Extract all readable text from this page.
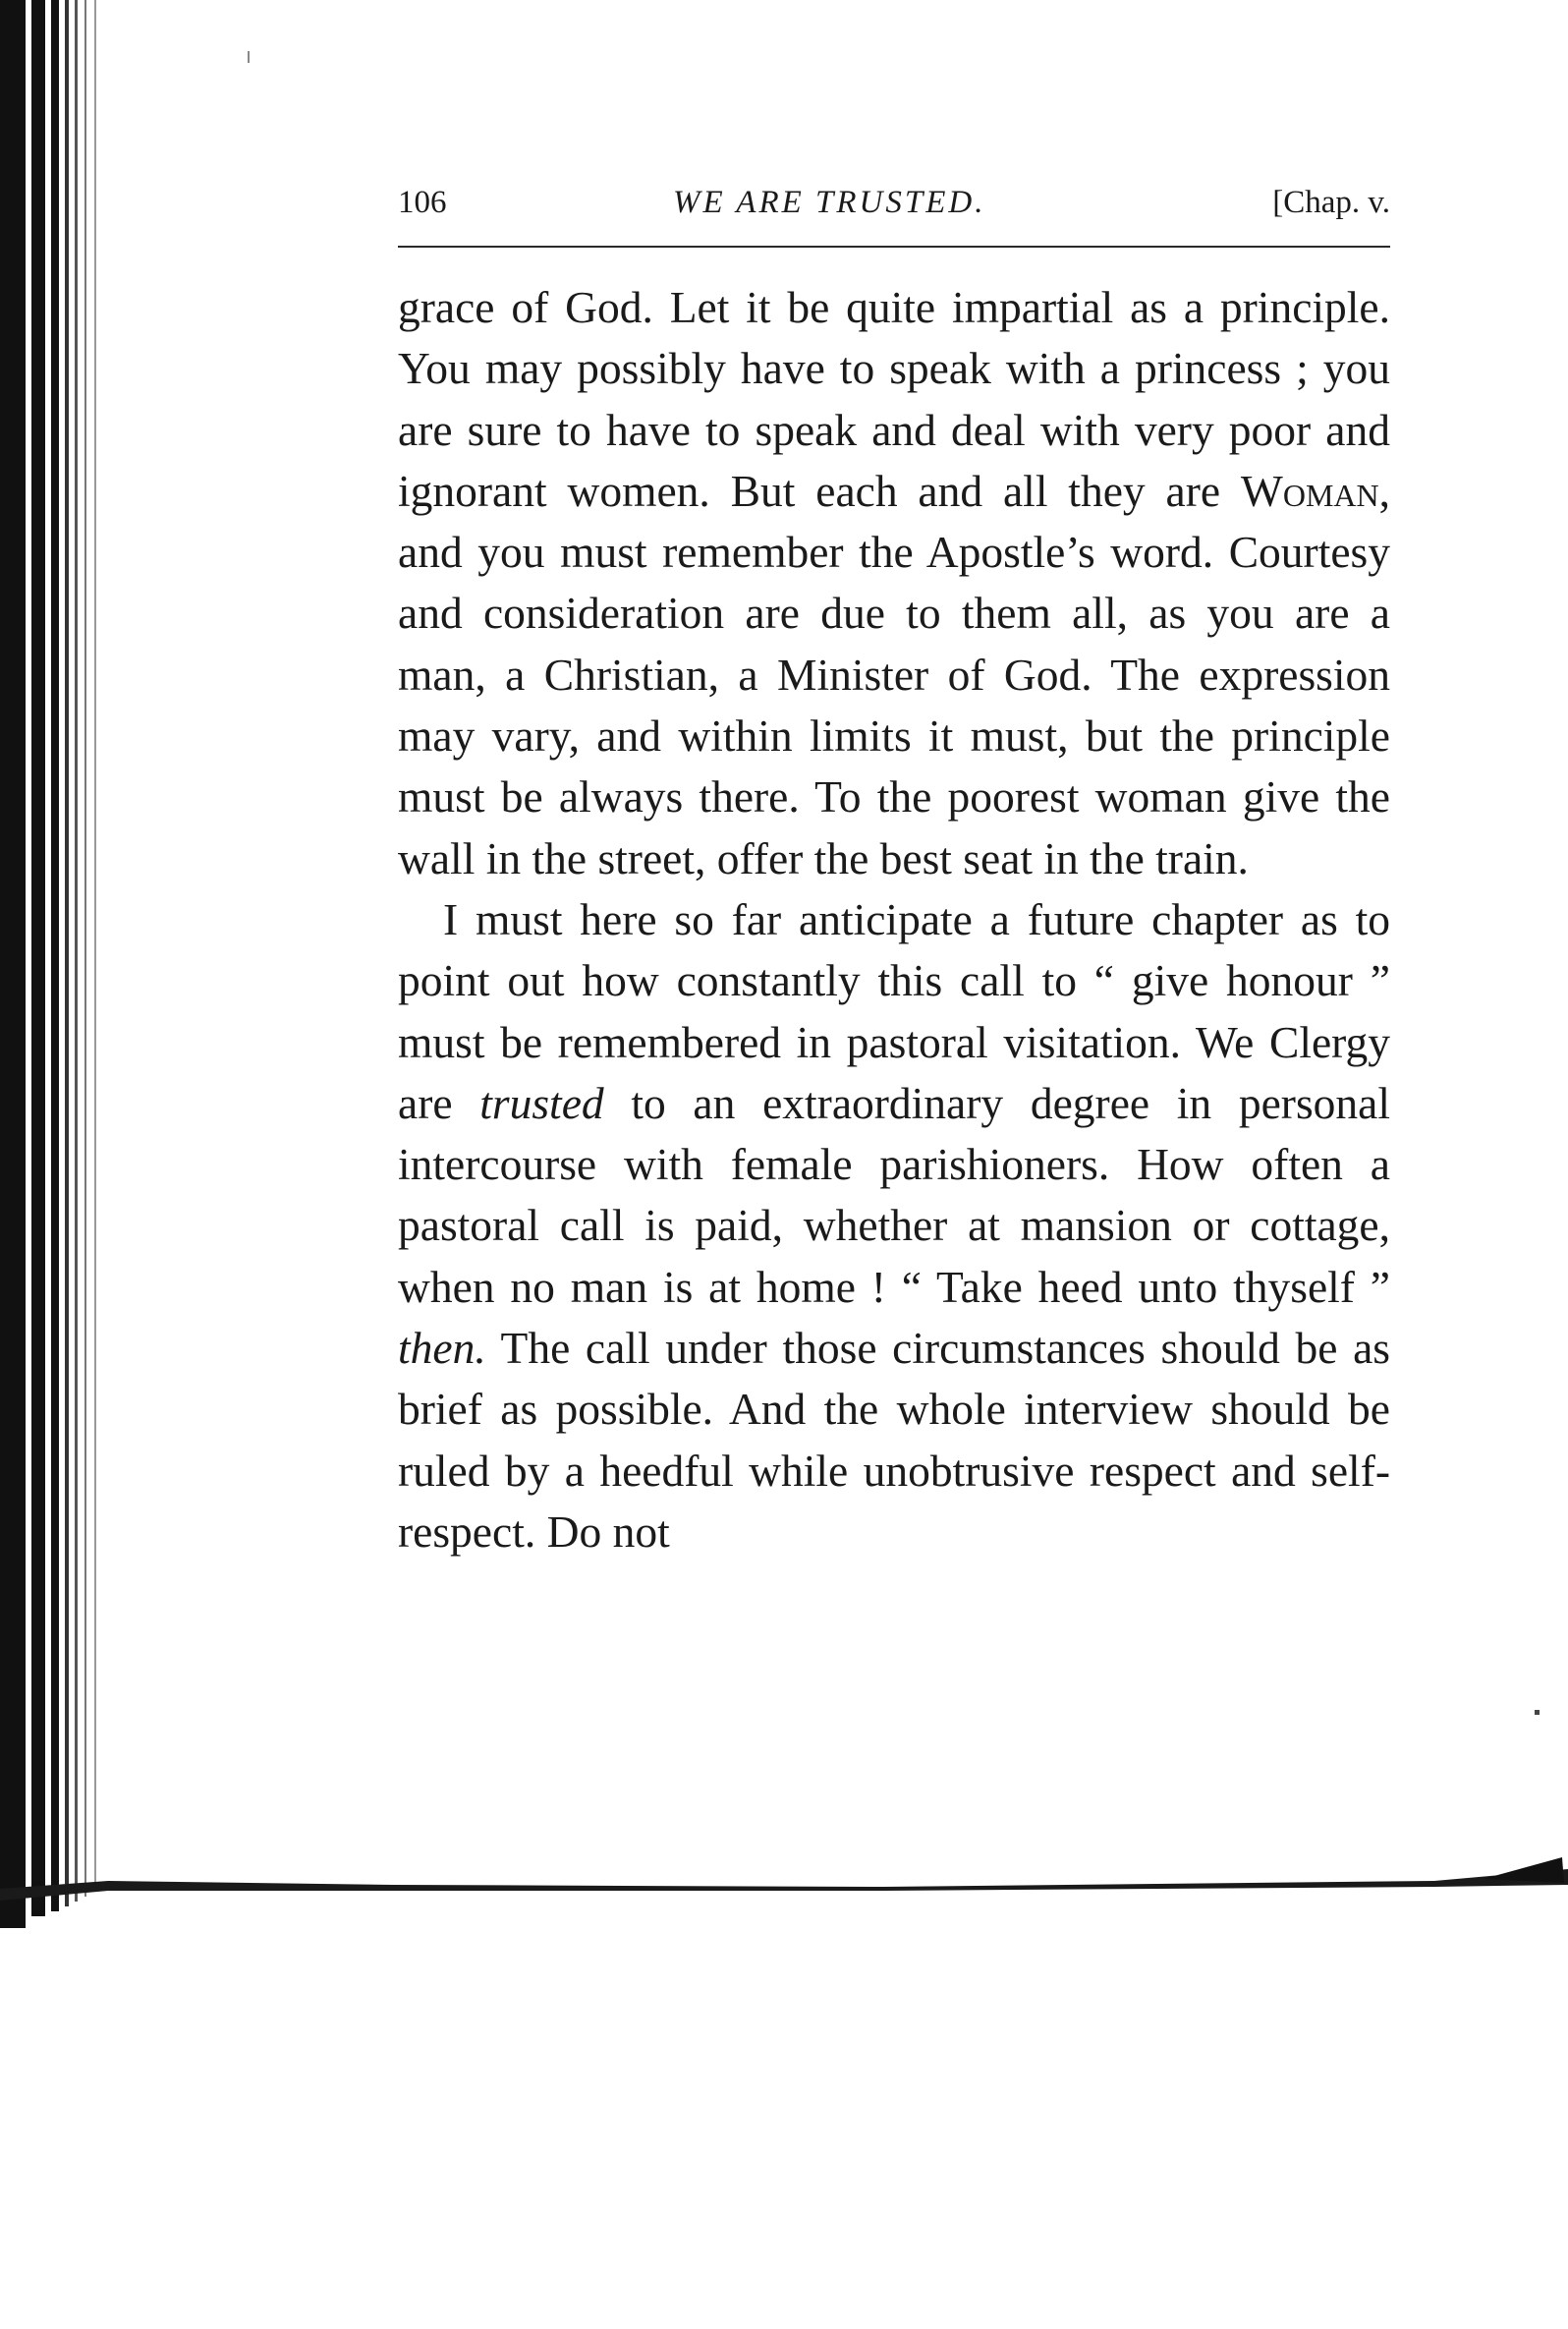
106	WE ARE TRUSTED.	[Chap. v.

grace of God. Let it be quite impartial as a principle. You may possibly have to speak with a princess ; you are sure to have to speak and deal with very poor and ignorant women. But each and all they are Woman, and you must remember the Apostle’s word. Courtesy and consideration are due to them all, as you are a man, a Christian, a Minister of God. The expression may vary, and within limits it must, but the principle must be always there. To the poorest woman give the wall in the street, offer the best seat in the train.

I must here so far anticipate a future chapter as to point out how constantly this call to “ give honour ” must be remembered in pastoral visitation. We Clergy are trusted to an extraordinary degree in personal intercourse with female parishioners. How often a pastoral call is paid, whether at mansion or cottage, when no man is at home ! “ Take heed unto thyself ” then. The call under those circumstances should be as brief as possible. And the whole interview should be ruled by a heedful while unobtrusive respect and self-respect. Do not
